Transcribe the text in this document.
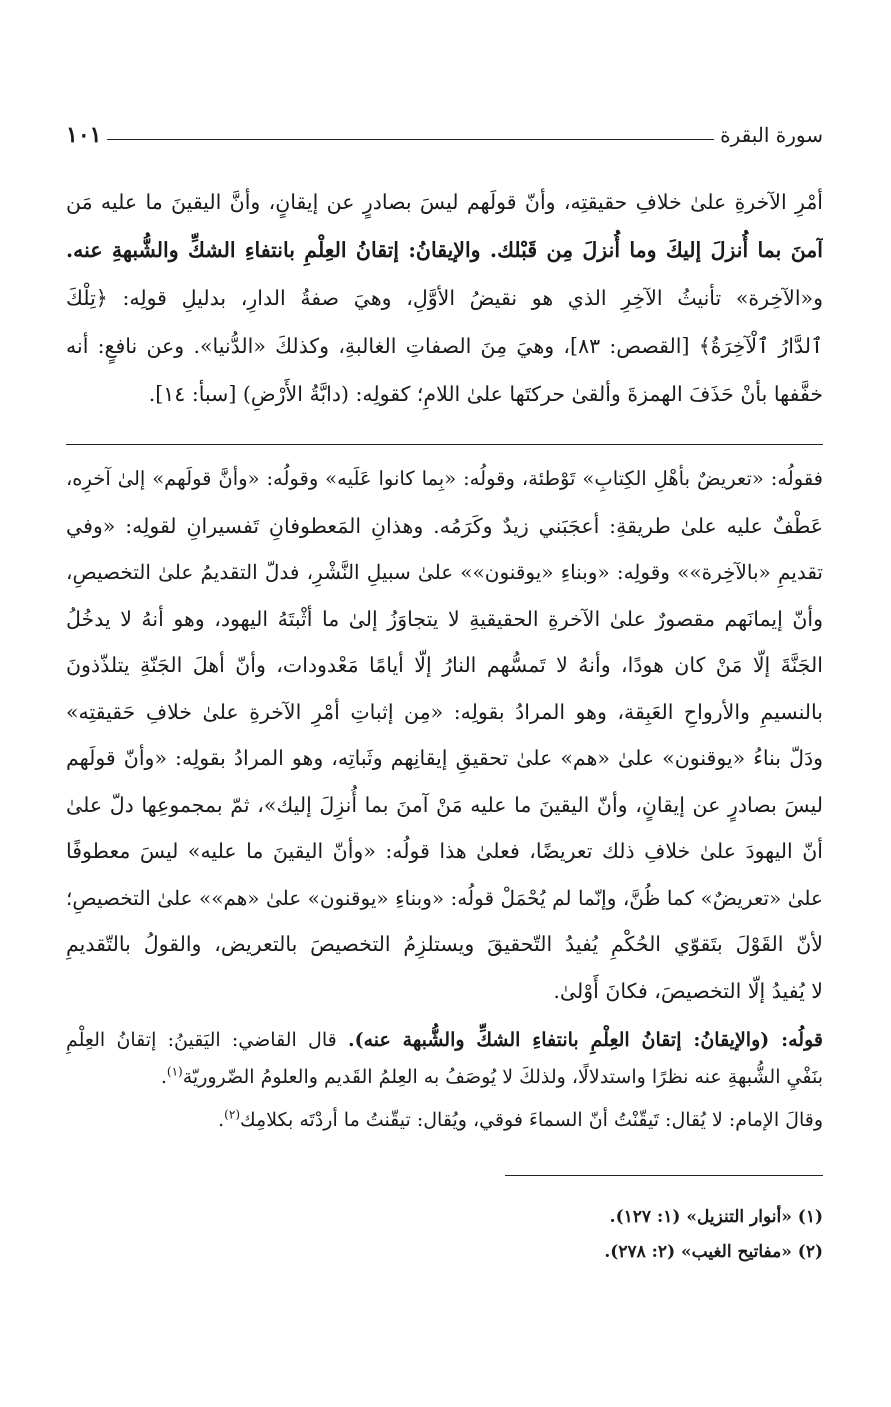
سورة البقرة
١٠١
أمْرِ الآخرةِ علىٰ خلافِ حقيقتِه، وأنّ قولَهم ليسَ بصادرٍ عن إيقانٍ، وأنَّ اليقينَ ما عليه مَن
آمنَ بما أُنزلَ إليكَ وما أُنزلَ مِن قَبْلك. والإيقانُ: إتقانُ العِلْمِ بانتفاءِ الشكِّ والشُّبهةِ عنه.
و«الآخِرة» تأنيثُ الآخِرِ الذي هو نقيضُ الأوَّلِ، وهيَ صفةُ الدارِ، بدليلِ قولِه: ﴿تِلْكَ
ٱلدَّارُ ٱلْآخِرَةُ﴾ [القصص: ٨٣]، وهيَ مِنَ الصفاتِ الغالبةِ، وكذلكَ «الدُّنيا». وعن نافعٍ: أنه
خفَّفها بأنْ حَذَفَ الهمزةَ وألقىٰ حركتَها علىٰ اللامِ؛ كقولِه: (دابَّةُ الأَرْضِ) [سبأ: ١٤].
فقولُه: «تعريضٌ بأهْلِ الكِتابِ» تَوْطئة، وقولُه: «بِما كانوا عَلَيه» وقولُه: «وأنَّ قولَهم» إلىٰ آخرِه،
عَطْفٌ عليه علىٰ طريقةِ: أعجَبَني زيدٌ وكَرَمُه. وهذانِ المَعطوفانِ تَفسيرانِ لقولِه: «وفي
تقديمِ «بالآخِرة»» وقولِه: «وبناءِ «يوقنون»» علىٰ سبيلِ النَّشْرِ، فدلّ التقديمُ علىٰ التخصيصِ،
وأنّ إيمانَهم مقصورٌ علىٰ الآخرةِ الحقيقيةِ لا يتجاوَزُ إلىٰ ما أثْبتَهُ اليهود، وهو أنهُ لا يدخُلُ
الجَنَّةَ إلّا مَنْ كان هودًا، وأنهُ لا تَمسُّهم النارُ إلّا أيامًا مَعْدودات، وأنّ أهلَ الجَنّةِ يتلذّذونَ
بالنسيمِ والأرواحِ العَبِقة، وهو المرادُ بقولِه: «مِن إثباتِ أمْرِ الآخرةِ علىٰ خلافِ حَقيقتِه»
ودَلّ بناءُ «يوقنون» علىٰ «هم» علىٰ تحقيقِ إيقانِهم وثَباتِه، وهو المرادُ بقولِه: «وأنّ قولَهم
ليسَ بصادرٍ عن إيقانٍ، وأنّ اليقينَ ما عليه مَنْ آمنَ بما أُنزِلَ إليك»، ثمّ بمجموعِها دلّ علىٰ
أنّ اليهودَ علىٰ خلافِ ذلك تعريضًا، فعلىٰ هذا قولُه: «وأنّ اليقينَ ما عليه» ليسَ معطوفًا
علىٰ «تعريضٌ» كما ظُنَّ، وإنّما لم يُحْمَلْ قولُه: «وبناءِ «يوقنون» علىٰ «هم»» علىٰ التخصيصِ؛
لأنّ القَوْلَ بتَقوّي الحُكْمِ يُفيدُ التّحقيقَ ويستلزِمُ التخصيصَ بالتعريض، والقولُ بالتّقديمِ
لا يُفيدُ إلّا التخصيصَ، فكانَ أَوْلىٰ.
قولُه: (والإيقانُ: إتقانُ العِلْمِ بانتفاءِ الشكِّ والشُّبهة عنه). قال القاضي: اليَقينُ: إتقانُ العِلْمِ
بنَفْيِ الشُّبهةِ عنه نظرًا واستدلالًا، ولذلكَ لا يُوصَفُ به العِلمُ القَديم والعلومُ الضّروريّة$^{(١)}$.
وقالَ الإمام: لا يُقال: تَيقّنْتُ أنّ السماءَ فوقي، ويُقال: تيقّنتُ ما أردْتَه بكلامِك$^{(٢)}$.
(١) «أنوار التنزيل» (١: ١٢٧).
(٢) «مفاتيح الغيب» (٢: ٢٧٨).
